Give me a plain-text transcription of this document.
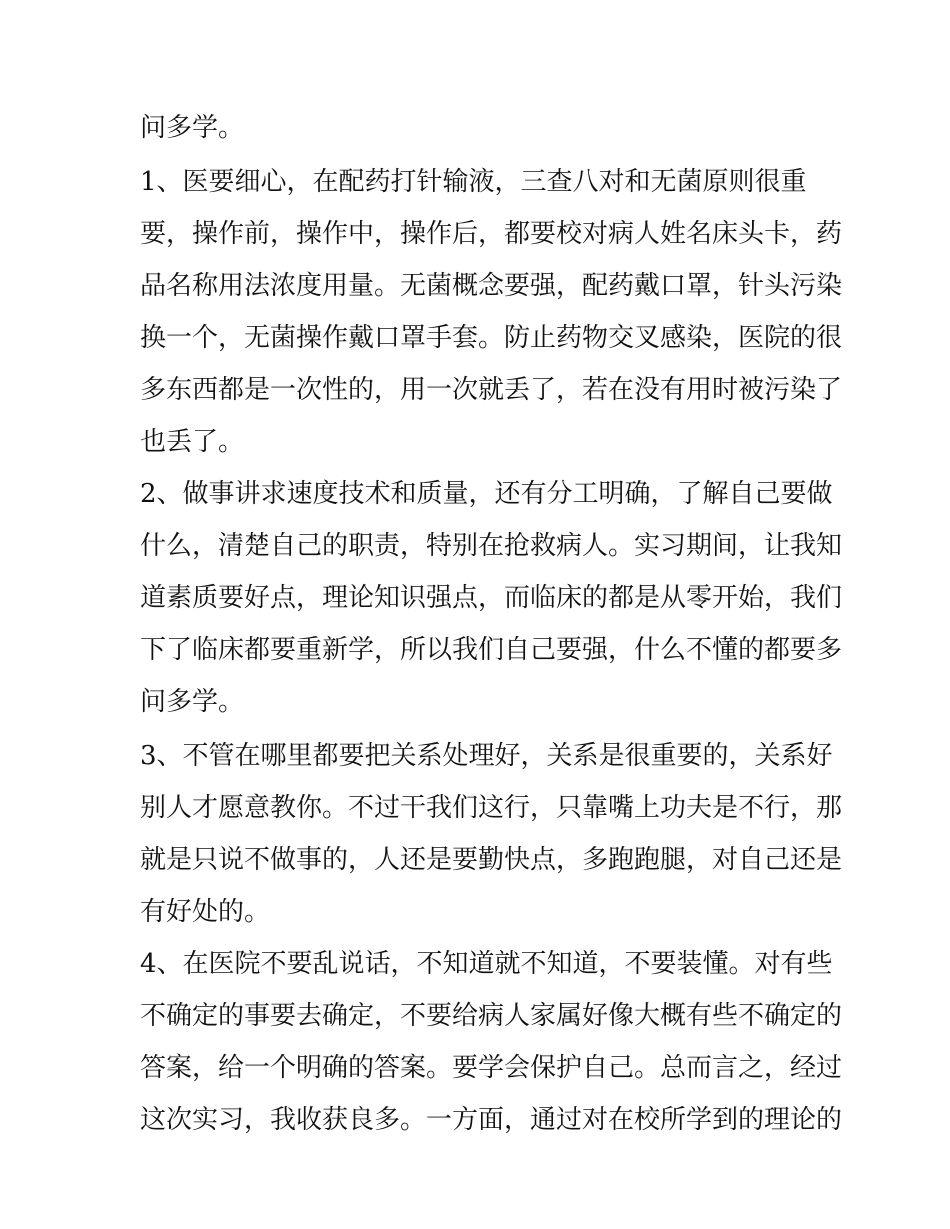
问多学。
1、医要细心，在配药打针输液，三查八对和无菌原则很重
要，操作前，操作中，操作后，都要校对病人姓名床头卡，药
品名称用法浓度用量。无菌概念要强，配药戴口罩，针头污染
换一个，无菌操作戴口罩手套。防止药物交叉感染，医院的很
多东西都是一次性的，用一次就丢了，若在没有用时被污染了
也丢了。
2、做事讲求速度技术和质量，还有分工明确，了解自己要做
什么，清楚自己的职责，特别在抢救病人。实习期间，让我知
道素质要好点，理论知识强点，而临床的都是从零开始，我们
下了临床都要重新学，所以我们自己要强，什么不懂的都要多
问多学。
3、不管在哪里都要把关系处理好，关系是很重要的，关系好
别人才愿意教你。不过干我们这行，只靠嘴上功夫是不行，那
就是只说不做事的，人还是要勤快点，多跑跑腿，对自己还是
有好处的。
4、在医院不要乱说话，不知道就不知道，不要装懂。对有些
不确定的事要去确定，不要给病人家属好像大概有些不确定的
答案，给一个明确的答案。要学会保护自己。总而言之，经过
这次实习，我收获良多。一方面，通过对在校所学到的理论的
